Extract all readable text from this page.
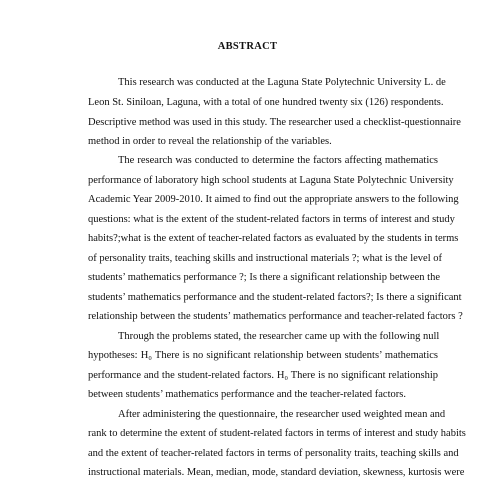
ABSTRACT
This research was conducted at the Laguna State Polytechnic University L. de
Leon St. Siniloan, Laguna, with a total of one hundred twenty six (126) respondents.
Descriptive method was used in this study. The researcher used a checklist-questionnaire
method in order to reveal the relationship of the variables.
The research was conducted to determine the factors affecting mathematics
performance of laboratory high school students at Laguna State Polytechnic University
Academic Year 2009-2010. It aimed to find out the appropriate answers to the following
questions: what is the extent of the student-related factors in terms of interest and study
habits?;what is the extent of teacher-related factors as evaluated by the students in terms
of personality traits, teaching skills and instructional materials ?; what is the level of
students’ mathematics performance ?; Is there a significant relationship between the
students’ mathematics performance and the student-related factors?; Is there a significant
relationship between the students’ mathematics performance and teacher-related factors ?
Through the problems stated, the researcher came up with the following null
hypotheses: H₀ There is no significant relationship between students’ mathematics
performance and the student-related factors. H₀ There is no significant relationship
between students’ mathematics performance and the teacher-related factors.
After administering the questionnaire, the researcher used weighted mean and
rank to determine the extent of student-related factors in terms of interest and study habits
and the extent of teacher-related factors in terms of personality traits, teaching skills and
instructional materials. Mean, median, mode, standard deviation, skewness, kurtosis were
